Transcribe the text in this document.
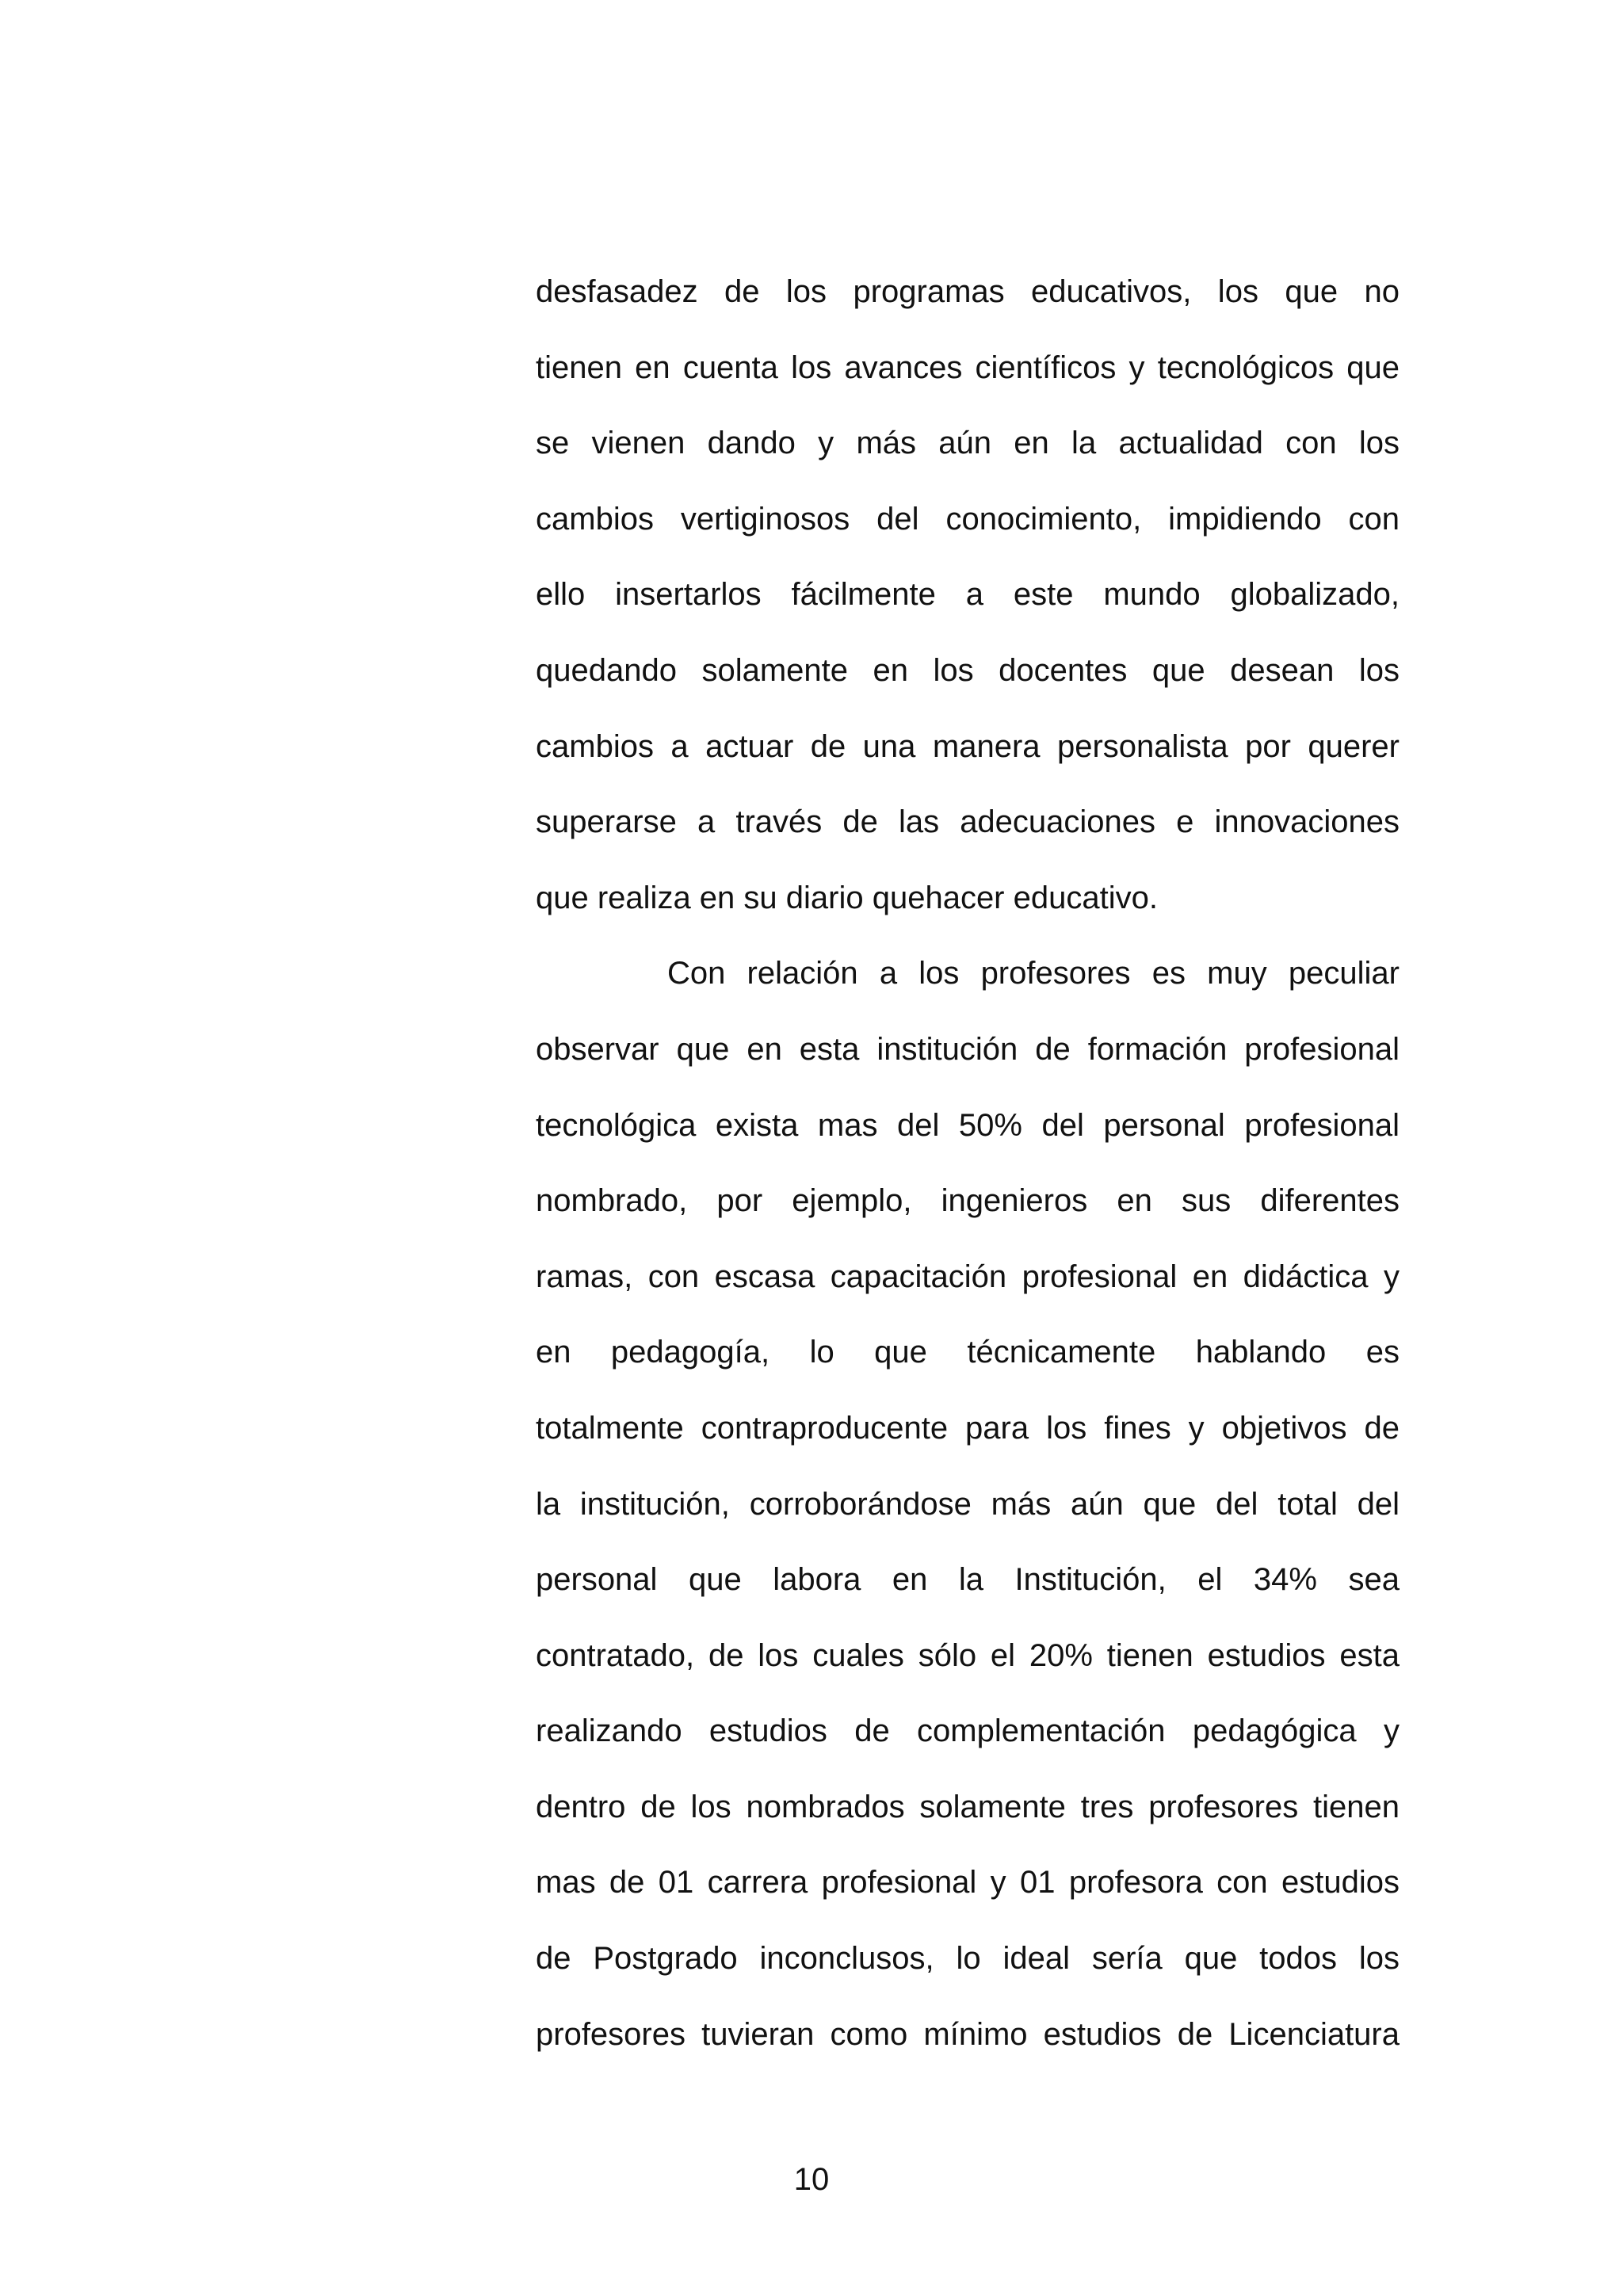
desfasadez de los programas educativos, los que no
tienen en cuenta los avances científicos y tecnológicos que
se vienen dando y más aún en la actualidad con los
cambios vertiginosos del conocimiento, impidiendo con
ello insertarlos fácilmente a este mundo globalizado,
quedando solamente en los docentes que desean los
cambios a actuar de una manera personalista por querer
superarse a través de las adecuaciones e innovaciones
que realiza en su diario quehacer educativo.
Con relación a los profesores es muy peculiar
observar que en esta institución de formación profesional
tecnológica exista mas del 50% del personal profesional
nombrado, por ejemplo, ingenieros en sus diferentes
ramas, con escasa capacitación profesional en didáctica y
en pedagogía, lo que técnicamente hablando es
totalmente contraproducente para los fines y objetivos de
la institución, corroborándose más aún que del total del
personal que labora en la Institución, el 34% sea
contratado, de los cuales sólo el 20% tienen estudios esta
realizando estudios de complementación pedagógica y
dentro de los nombrados solamente tres profesores tienen
mas de 01 carrera profesional y 01 profesora con estudios
de Postgrado inconclusos, lo ideal sería que todos los
profesores tuvieran como mínimo estudios de Licenciatura
10
